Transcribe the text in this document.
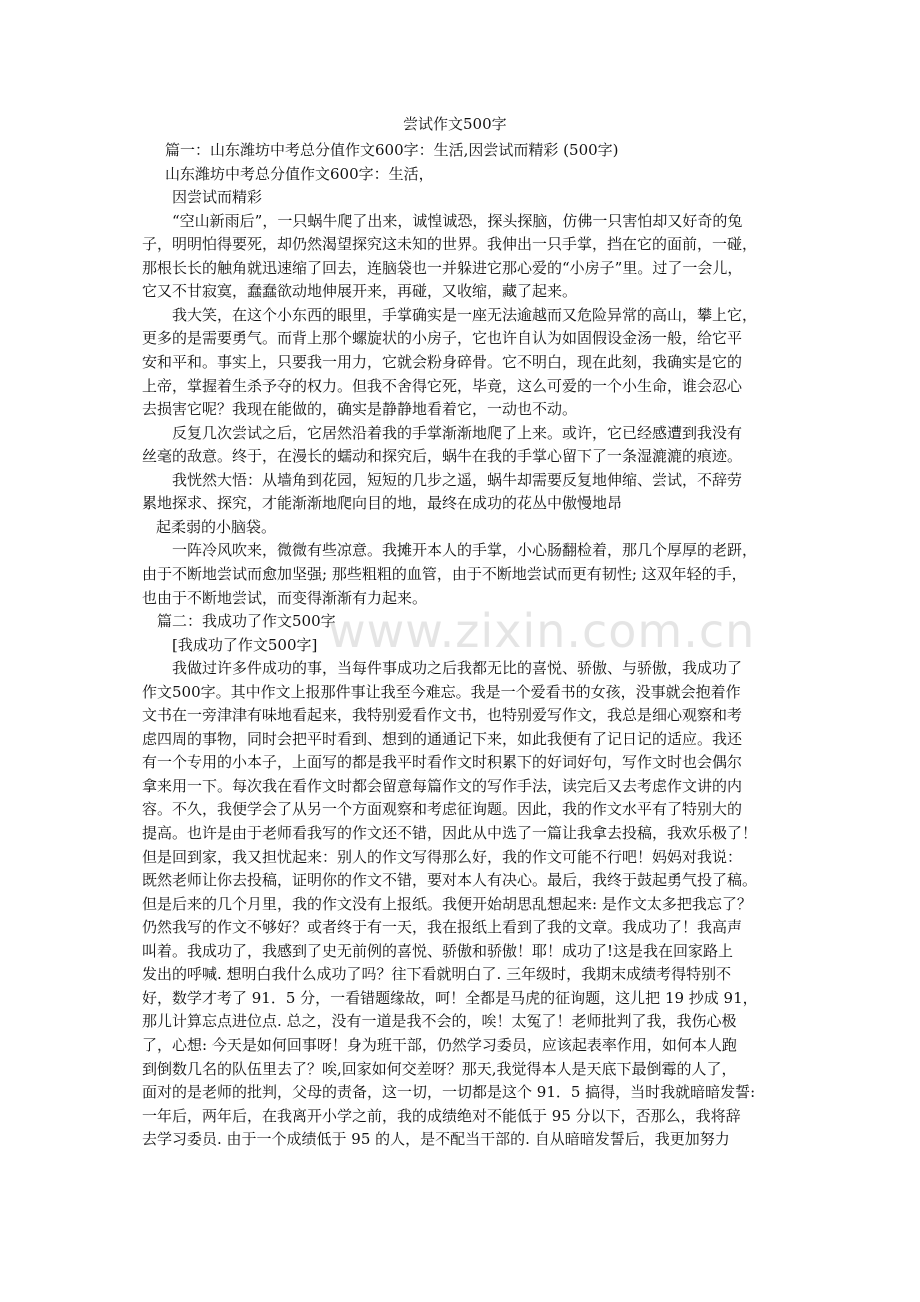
尝试作文500字
篇一：山东潍坊中考总分值作文600字：生活,因尝试而精彩 (500字)
山东潍坊中考总分值作文600字：生活，
因尝试而精彩
“空山新雨后”，一只蜗牛爬了出来，诚惶诚恐，探头探脑，仿佛一只害怕却又好奇的兔
子，明明怕得要死，却仍然渴望探究这未知的世界。我伸出一只手掌，挡在它的面前，一碰，
那根长长的触角就迅速缩了回去，连脑袋也一并躲进它那心爱的“小房子”里。过了一会儿，
它又不甘寂寞，蠢蠢欲动地伸展开来，再碰，又收缩，藏了起来。
我大笑，在这个小东西的眼里，手掌确实是一座无法逾越而又危险异常的高山，攀上它，
更多的是需要勇气。而背上那个螺旋状的小房子，它也许自认为如固假设金汤一般，给它平
安和平和。事实上，只要我一用力，它就会粉身碎骨。它不明白，现在此刻，我确实是它的
上帝，掌握着生杀予夺的权力。但我不舍得它死，毕竟，这么可爱的一个小生命，谁会忍心
去损害它呢？我现在能做的，确实是静静地看着它，一动也不动。
反复几次尝试之后，它居然沿着我的手掌渐渐地爬了上来。或许，它已经感遭到我没有
丝毫的敌意。终于，在漫长的蠕动和探究后，蜗牛在我的手掌心留下了一条湿漉漉的痕迹。
我恍然大悟：从墙角到花园，短短的几步之遥，蜗牛却需要反复地伸缩、尝试，不辞劳
累地探求、探究，才能渐渐地爬向目的地，最终在成功的花丛中傲慢地昂
起柔弱的小脑袋。
一阵冷风吹来，微微有些凉意。我摊开本人的手掌，小心肠翻检着，那几个厚厚的老趼，
由于不断地尝试而愈加坚强; 那些粗粗的血管，由于不断地尝试而更有韧性; 这双年轻的手，
也由于不断地尝试，而变得渐渐有力起来。
篇二：我成功了作文500字
[我成功了作文500字]
我做过许多件成功的事，当每件事成功之后我都无比的喜悦、骄傲、与骄傲，我成功了
作文500字。其中作文上报那件事让我至今难忘。我是一个爱看书的女孩，没事就会抱着作
文书在一旁津津有味地看起来，我特别爱看作文书，也特别爱写作文，我总是细心观察和考
虑四周的事物，同时会把平时看到、想到的通通记下来，如此我便有了记日记的适应。我还
有一个专用的小本子，上面写的都是我平时看作文时积累下的好词好句，写作文时也会偶尔
拿来用一下。每次我在看作文时都会留意每篇作文的写作手法，读完后又去考虑作文讲的内
容。不久，我便学会了从另一个方面观察和考虑征询题。因此，我的作文水平有了特别大的
提高。也许是由于老师看我写的作文还不错，因此从中选了一篇让我拿去投稿，我欢乐极了！
但是回到家，我又担忧起来：别人的作文写得那么好，我的作文可能不行吧！妈妈对我说：
既然老师让你去投稿，证明你的作文不错，要对本人有决心。最后，我终于鼓起勇气投了稿。
但是后来的几个月里，我的作文没有上报纸。我便开始胡思乱想起来: 是作文太多把我忘了？
仍然我写的作文不够好？或者终于有一天，我在报纸上看到了我的文章。我成功了！我高声
叫着。我成功了，我感到了史无前例的喜悦、骄傲和骄傲！耶！成功了!这是我在回家路上
发出的呼喊. 想明白我什么成功了吗？往下看就明白了. 三年级时，我期末成绩考得特别不
好，数学才考了 91．5 分，一看错题缘故，呵！全都是马虎的征询题，这儿把 19 抄成 91，
那儿计算忘点进位点. 总之，没有一道是我不会的，唉！太冤了！老师批判了我，我伤心极
了，心想: 今天是如何回事呀！身为班干部，仍然学习委员，应该起表率作用，如何本人跑
到倒数几名的队伍里去了？唉,回家如何交差呀？那天,我觉得本人是天底下最倒霉的人了，
面对的是老师的批判，父母的责备，这一切，一切都是这个 91．5 搞得，当时我就暗暗发誓:
一年后，两年后，在我离开小学之前，我的成绩绝对不能低于 95 分以下，否那么，我将辞
去学习委员. 由于一个成绩低于 95 的人，是不配当干部的. 自从暗暗发誓后，我更加努力
www.zixin.com.cn
